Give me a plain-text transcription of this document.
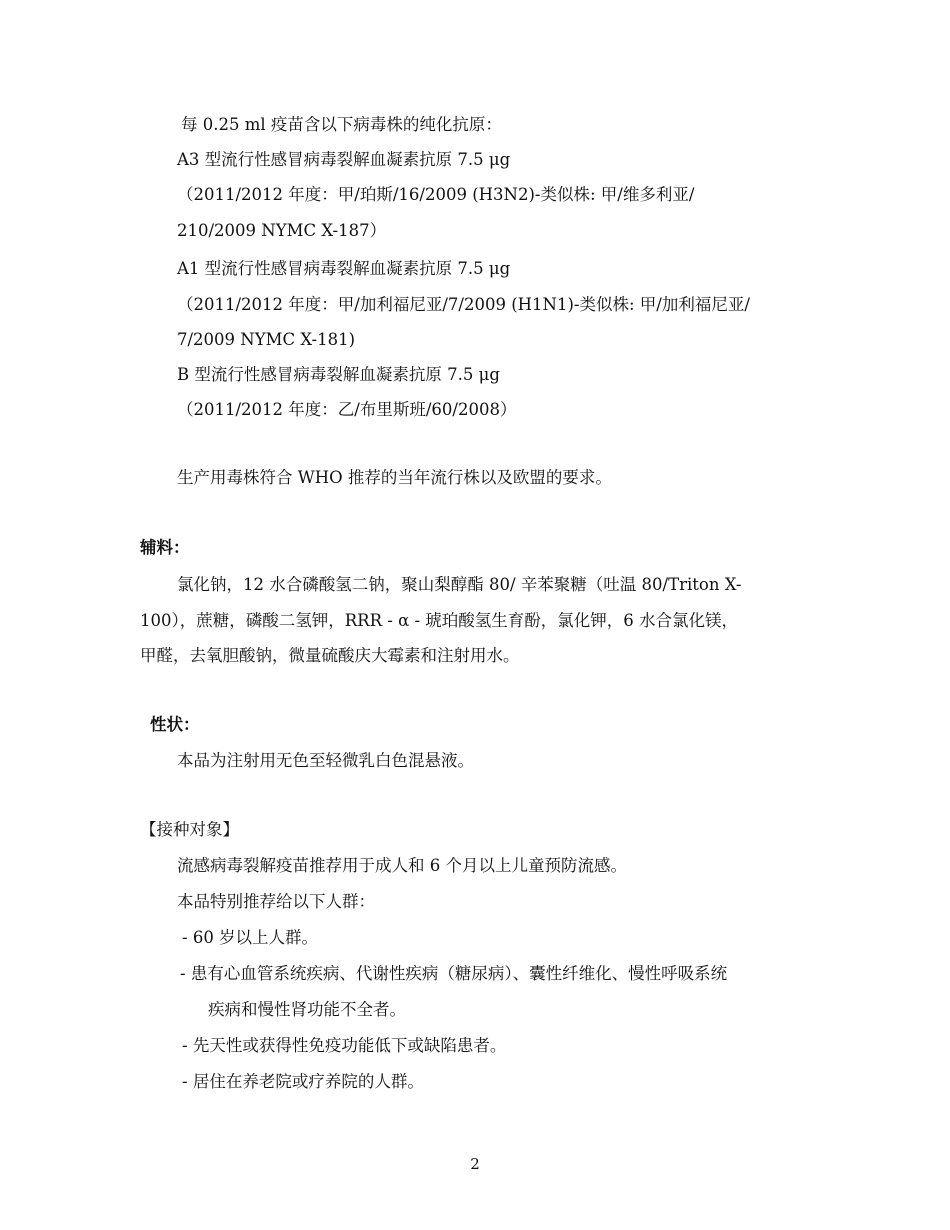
每 0.25 ml 疫苗含以下病毒株的纯化抗原：
A3 型流行性感冒病毒裂解血凝素抗原 7.5 μg
（2011/2012 年度：甲/珀斯/16/2009 (H3N2)-类似株: 甲/维多利亚/
210/2009 NYMC X-187）
A1 型流行性感冒病毒裂解血凝素抗原 7.5 μg
（2011/2012 年度：甲/加利福尼亚/7/2009 (H1N1)-类似株: 甲/加利福尼亚/
7/2009 NYMC X-181)
B 型流行性感冒病毒裂解血凝素抗原 7.5 μg
（2011/2012 年度：乙/布里斯班/60/2008）
生产用毒株符合 WHO 推荐的当年流行株以及欧盟的要求。
辅料：
氯化钠，12 水合磷酸氢二钠，聚山梨醇酯 80/ 辛苯聚糖（吐温 80/Triton X-
100），蔗糖，磷酸二氢钾，RRR - α - 琥珀酸氢生育酚，氯化钾，6 水合氯化镁，
甲醛，去氧胆酸钠，微量硫酸庆大霉素和注射用水。
性状：
本品为注射用无色至轻微乳白色混悬液。
【接种对象】
流感病毒裂解疫苗推荐用于成人和 6 个月以上儿童预防流感。
本品特别推荐给以下人群：
- 60 岁以上人群。
- 患有心血管系统疾病、代谢性疾病（糖尿病）、囊性纤维化、慢性呼吸系统
疾病和慢性肾功能不全者。
- 先天性或获得性免疫功能低下或缺陷患者。
- 居住在养老院或疗养院的人群。
2
